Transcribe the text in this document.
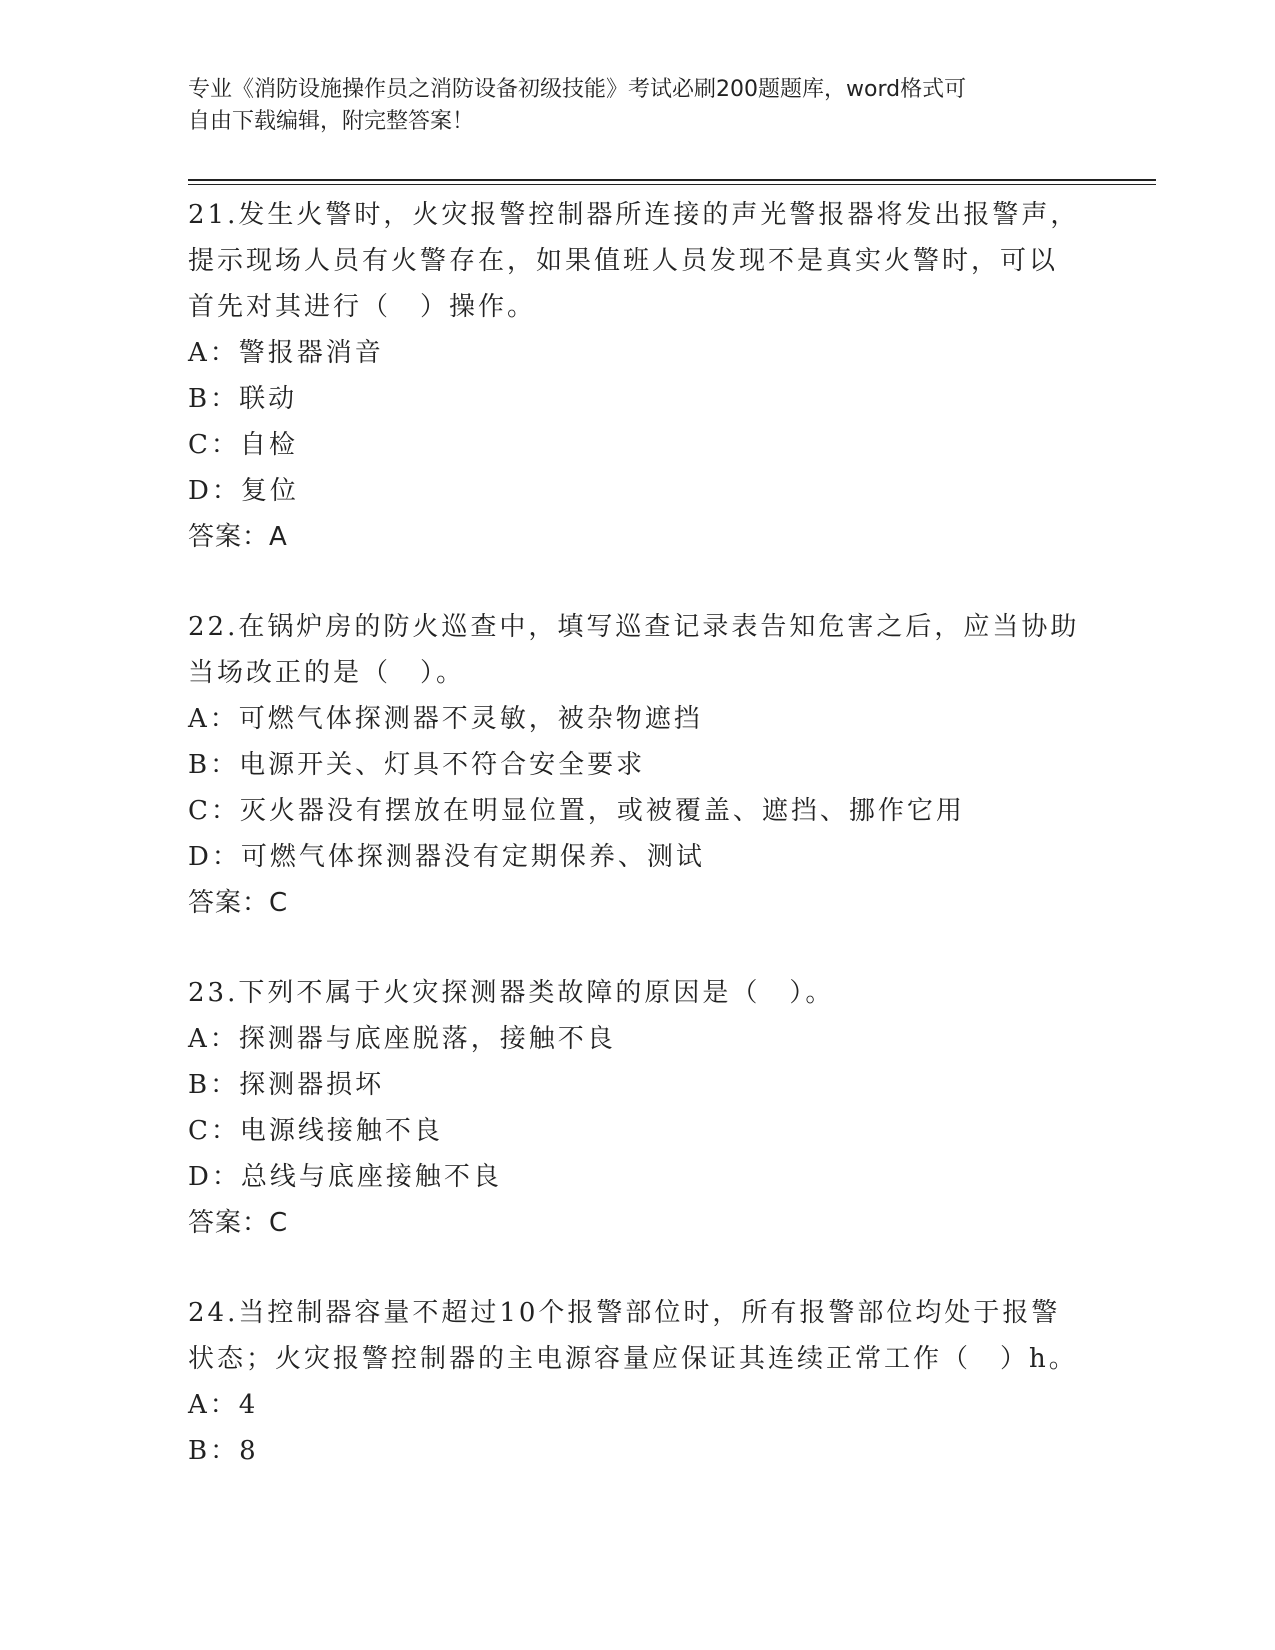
专业《消防设施操作员之消防设备初级技能》考试必刷200题题库，word格式可
自由下载编辑，附完整答案！
21.发生火警时，火灾报警控制器所连接的声光警报器将发出报警声，
提示现场人员有火警存在，如果值班人员发现不是真实火警时，可以
首先对其进行（　）操作。
A：警报器消音
B：联动
C：自检
D：复位
答案：A
22.在锅炉房的防火巡查中，填写巡查记录表告知危害之后，应当协助
当场改正的是（　）。
A：可燃气体探测器不灵敏，被杂物遮挡
B：电源开关、灯具不符合安全要求
C：灭火器没有摆放在明显位置，或被覆盖、遮挡、挪作它用
D：可燃气体探测器没有定期保养、测试
答案：C
23.下列不属于火灾探测器类故障的原因是（　）。
A：探测器与底座脱落，接触不良
B：探测器损坏
C：电源线接触不良
D：总线与底座接触不良
答案：C
24.当控制器容量不超过10个报警部位时，所有报警部位均处于报警
状态；火灾报警控制器的主电源容量应保证其连续正常工作（　）h。
A：4
B：8
